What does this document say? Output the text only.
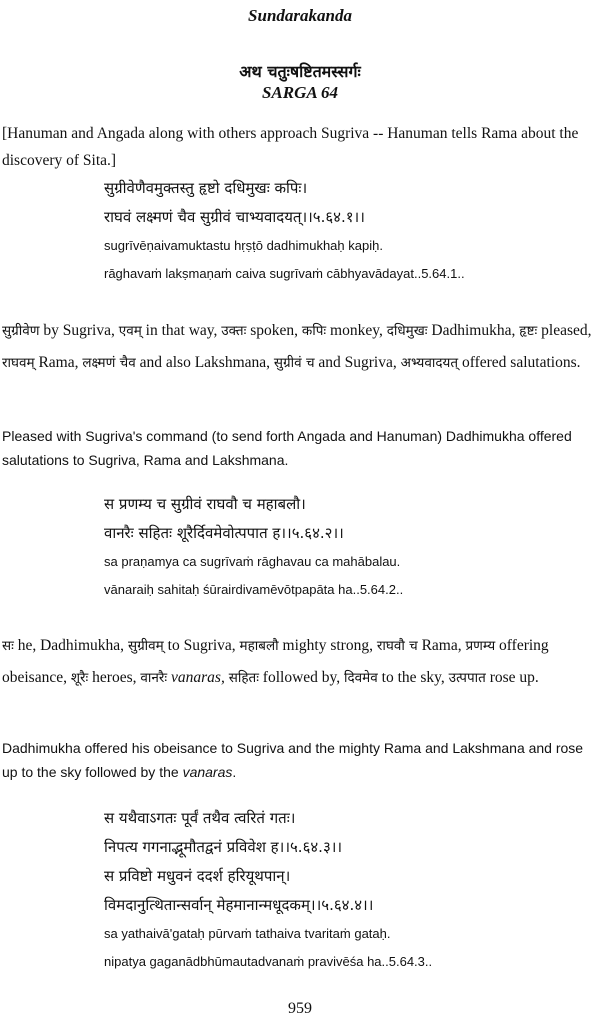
Sundarakanda
अथ चतुःषष्टितमस्सर्गः
SARGA 64
[Hanuman and Angada along with others approach Sugriva -- Hanuman tells Rama about the discovery of Sita.]
सुग्रीवेणैवमुक्तस्तु हृष्टो दधिमुखः कपिः।
राघवं लक्ष्मणं चैव सुग्रीवं चाभ्यवादयत्।।५.६४.१।।
sugrīvēṇaivamuktastu hṛṣṭō dadhimukhaḥ kapiḥ.
rāghavaṁ lakṣmaṇaṁ caiva sugrīvaṁ cābhyavādayat..5.64.1..
सुग्रीवेण by Sugriva, एवम् in that way, उक्तः spoken, कपिः monkey, दधिमुखः Dadhimukha, हृष्टः pleased, राघवम् Rama, लक्ष्मणं चैव and also Lakshmana, सुग्रीवं च and Sugriva, अभ्यवादयत् offered salutations.
Pleased with Sugriva's command (to send forth Angada and Hanuman) Dadhimukha offered salutations to Sugriva, Rama and Lakshmana.
स प्रणम्य च सुग्रीवं राघवौ च महाबलौ।
वानरैः सहितः शूरैर्दिवमेवोत्पपात ह।।५.६४.२।।
sa praṇamya ca sugrīvaṁ rāghavau ca mahābalau.
vānaraiḥ sahitaḥ śūrairdivamēvōtpapāta ha..5.64.2..
सः he, Dadhimukha, सुग्रीवम् to Sugriva, महाबलौ mighty strong, राघवौ च Rama, प्रणम्य offering obeisance, शूरैः heroes, वानरैः vanaras, सहितः followed by, दिवमेव to the sky, उत्पपात rose up.
Dadhimukha offered his obeisance to Sugriva and the mighty Rama and Lakshmana and rose up to the sky followed by the vanaras.
स यथैवाऽगतः पूर्वं तथैव त्वरितं गतः।
निपत्य गगनाद्भूमौतद्वनं प्रविवेश ह।।५.६४.३।।
स प्रविष्टो मधुवनं ददर्श हरियूथपान्।
विमदानुत्थितान्सर्वान् मेहमानान्मधूदकम्।।५.६४.४।।
sa yathaivā'gataḥ pūrvaṁ tathaiva tvaritaṁ gataḥ.
nipatya gaganādbhūmautadvanaṁ pravivēśa ha..5.64.3..
959
